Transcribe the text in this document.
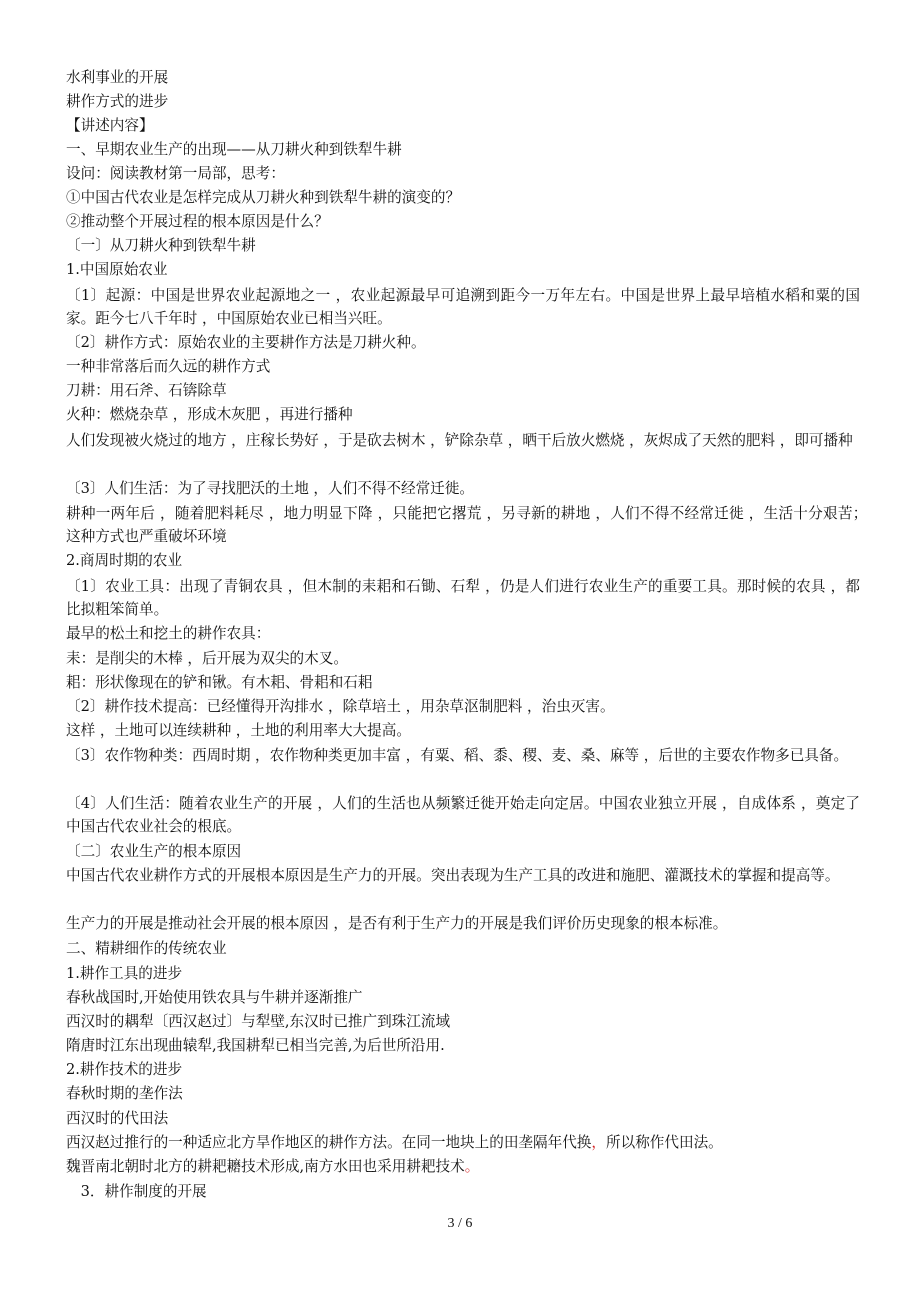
水利事业的开展
耕作方式的进步
【讲述内容】
一、早期农业生产的出现——从刀耕火种到铁犁牛耕
设问：阅读教材第一局部，思考：
①中国古代农业是怎样完成从刀耕火种到铁犁牛耕的演变的？
②推动整个开展过程的根本原因是什么？
〔一〕从刀耕火种到铁犁牛耕
1.中国原始农业
〔1〕起源：中国是世界农业起源地之一 ，农业起源最早可追溯到距今一万年左右。中国是世界上最早培植水稻和粟的国家。距今七八千年时 ，中国原始农业已相当兴旺。
〔2〕耕作方式：原始农业的主要耕作方法是刀耕火种。
一种非常落后而久远的耕作方式
刀耕：用石斧、石锛除草
火种：燃烧杂草 ，形成木灰肥 ，再进行播种
人们发现被火烧过的地方 ，庄稼长势好 ，于是砍去树木 ，铲除杂草 ，晒干后放火燃烧 ，灰烬成了天然的肥料 ，即可播种
〔3〕人们生活：为了寻找肥沃的土地 ，人们不得不经常迁徙。
耕种一两年后 ，随着肥料耗尽 ，地力明显下降 ，只能把它撂荒 ，另寻新的耕地 ，人们不得不经常迁徙 ，生活十分艰苦；　这种方式也严重破坏环境
2.商周时期的农业
〔1〕农业工具：出现了青铜农具 ，但木制的耒耜和石锄、石犁 ，仍是人们进行农业生产的重要工具。那时候的农具 ，都比拟粗笨简单。
最早的松土和挖土的耕作农具：
耒：是削尖的木棒 ，后开展为双尖的木叉。
耜：形状像现在的铲和锹。有木耜、骨耜和石耜
〔2〕耕作技术提高：已经懂得开沟排水 ，除草培土 ，用杂草沤制肥料 ，治虫灭害。
这样 ，土地可以连续耕种 ，土地的利用率大大提高。
〔3〕农作物种类：西周时期 ，农作物种类更加丰富 ，有粟、稻、黍、稷、麦、桑、麻等 ，后世的主要农作物多已具备。
〔4〕人们生活：随着农业生产的开展 ，人们的生活也从频繁迁徙开始走向定居。中国农业独立开展 ，自成体系 ，奠定了中国古代农业社会的根底。
〔二〕农业生产的根本原因
中国古代农业耕作方式的开展根本原因是生产力的开展。突出表现为生产工具的改进和施肥、灌溉技术的掌握和提高等。
生产力的开展是推动社会开展的根本原因 ，是否有利于生产力的开展是我们评价历史现象的根本标准。
二、精耕细作的传统农业
1.耕作工具的进步
春秋战国时,开始使用铁农具与牛耕并逐渐推广
西汉时的耦犁〔西汉赵过〕与犁壁,东汉时已推广到珠江流域
隋唐时江东出现曲辕犁,我国耕犁已相当完善,为后世所沿用.
2.耕作技术的进步
春秋时期的垄作法
西汉时的代田法
西汉赵过推行的一种适应北方旱作地区的耕作方法。在同一地块上的田垄隔年代换，所以称作代田法。
魏晋南北朝时北方的耕耙耱技术形成,南方水田也采用耕耙技术。
　3．耕作制度的开展
3 / 6
